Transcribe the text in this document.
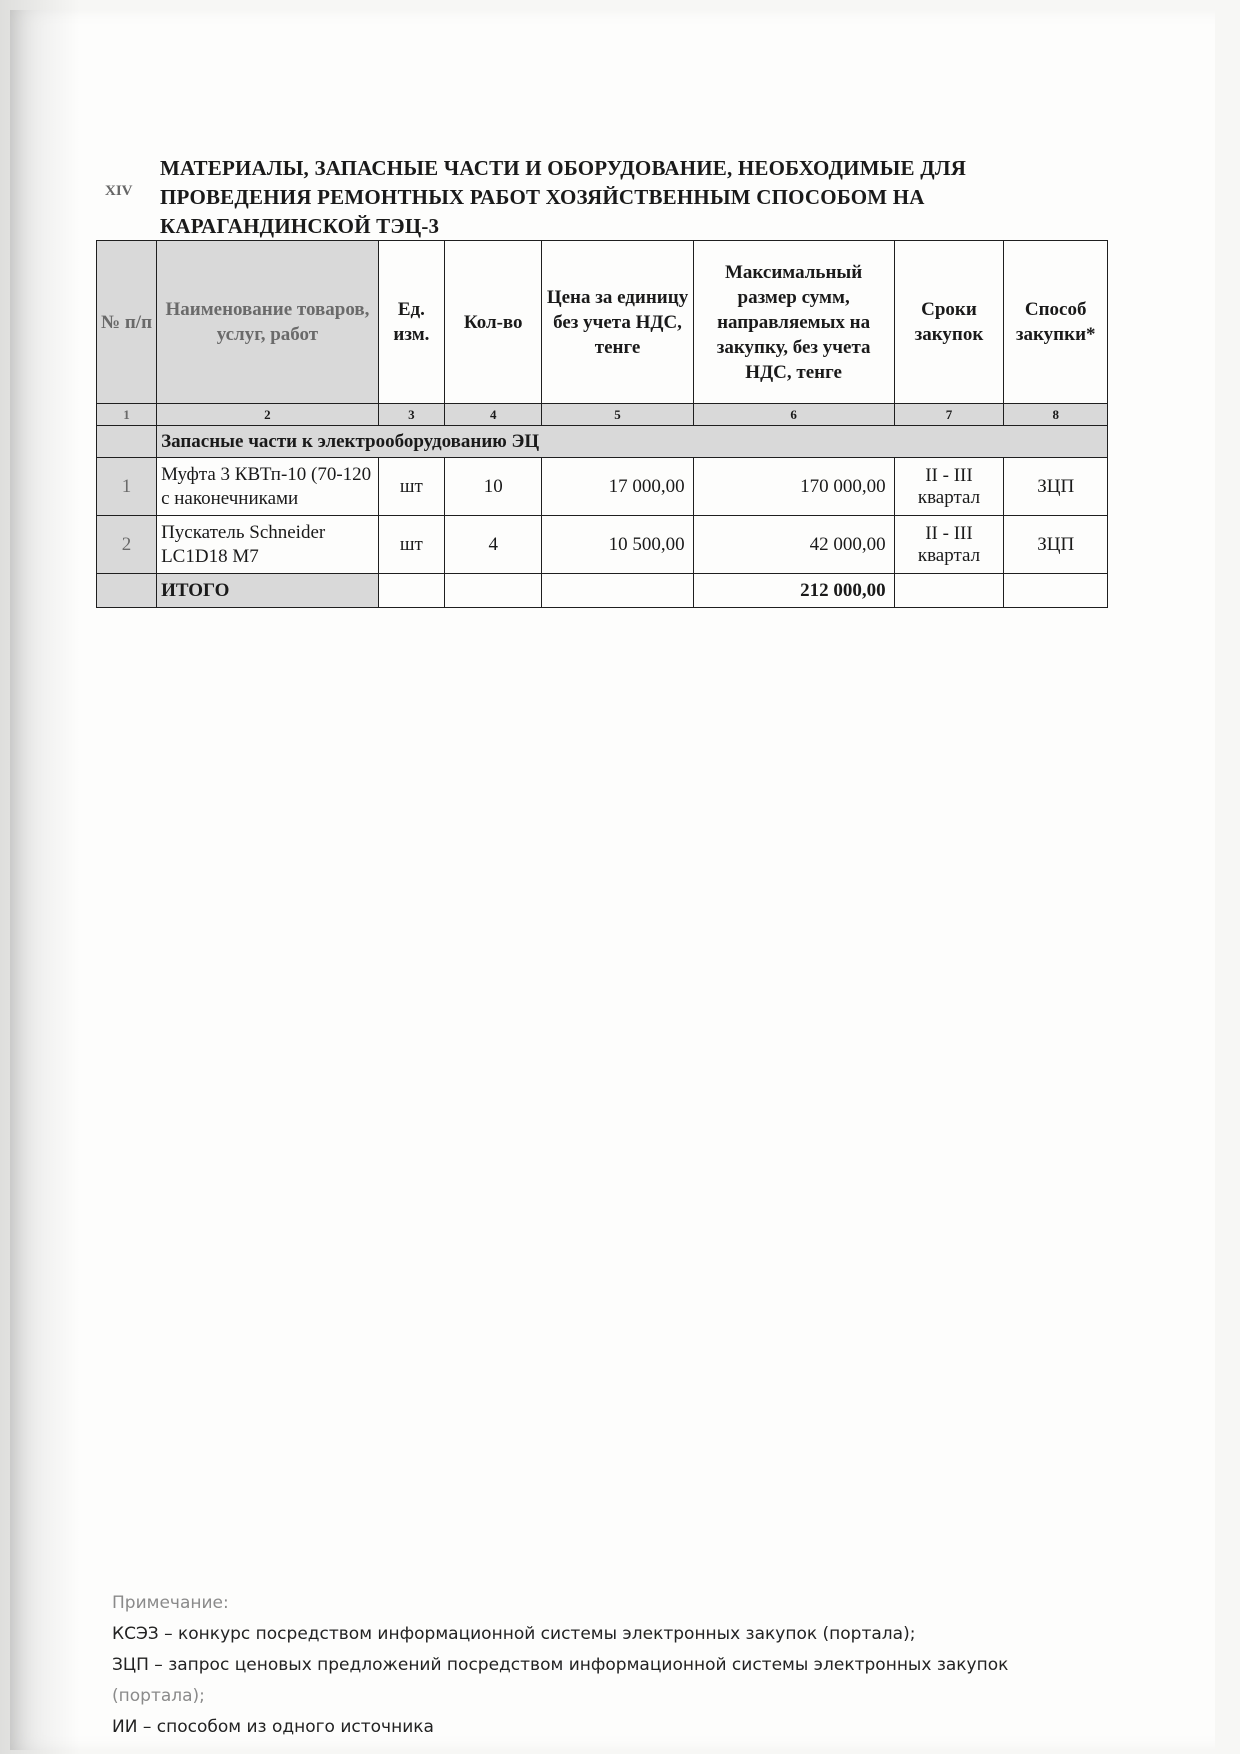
XIV
МАТЕРИАЛЫ, ЗАПАСНЫЕ ЧАСТИ И ОБОРУДОВАНИЕ, НЕОБХОДИМЫЕ ДЛЯ ПРОВЕДЕНИЯ РЕМОНТНЫХ РАБОТ ХОЗЯЙСТВЕННЫМ СПОСОБОМ НА КАРАГАНДИНСКОЙ ТЭЦ-3
№ п/п	Наименование товаров, услуг, работ	Ед. изм.	Кол-во	Цена за единицу без учета НДС, тенге	Максимальный размер сумм, направляемых на закупку, без учета НДС, тенге	Сроки закупок	Способ закупки*
1	2	3	4	5	6	7	8
	Запасные части к электрооборудованию ЭЦ						
1	Муфта 3 КВТп-10 (70-120 с наконечниками	шт	10	17 000,00	170 000,00	II - III квартал	ЗЦП
2	Пускатель Schneider LC1D18 M7	шт	4	10 500,00	42 000,00	II - III квартал	ЗЦП
	ИТОГО				212 000,00		
Примечание:
КСЭЗ – конкурс посредством информационной системы электронных закупок (портала);
ЗЦП – запрос ценовых предложений посредством информационной системы электронных закупок
(портала);
ИИ – способом из одного источника
